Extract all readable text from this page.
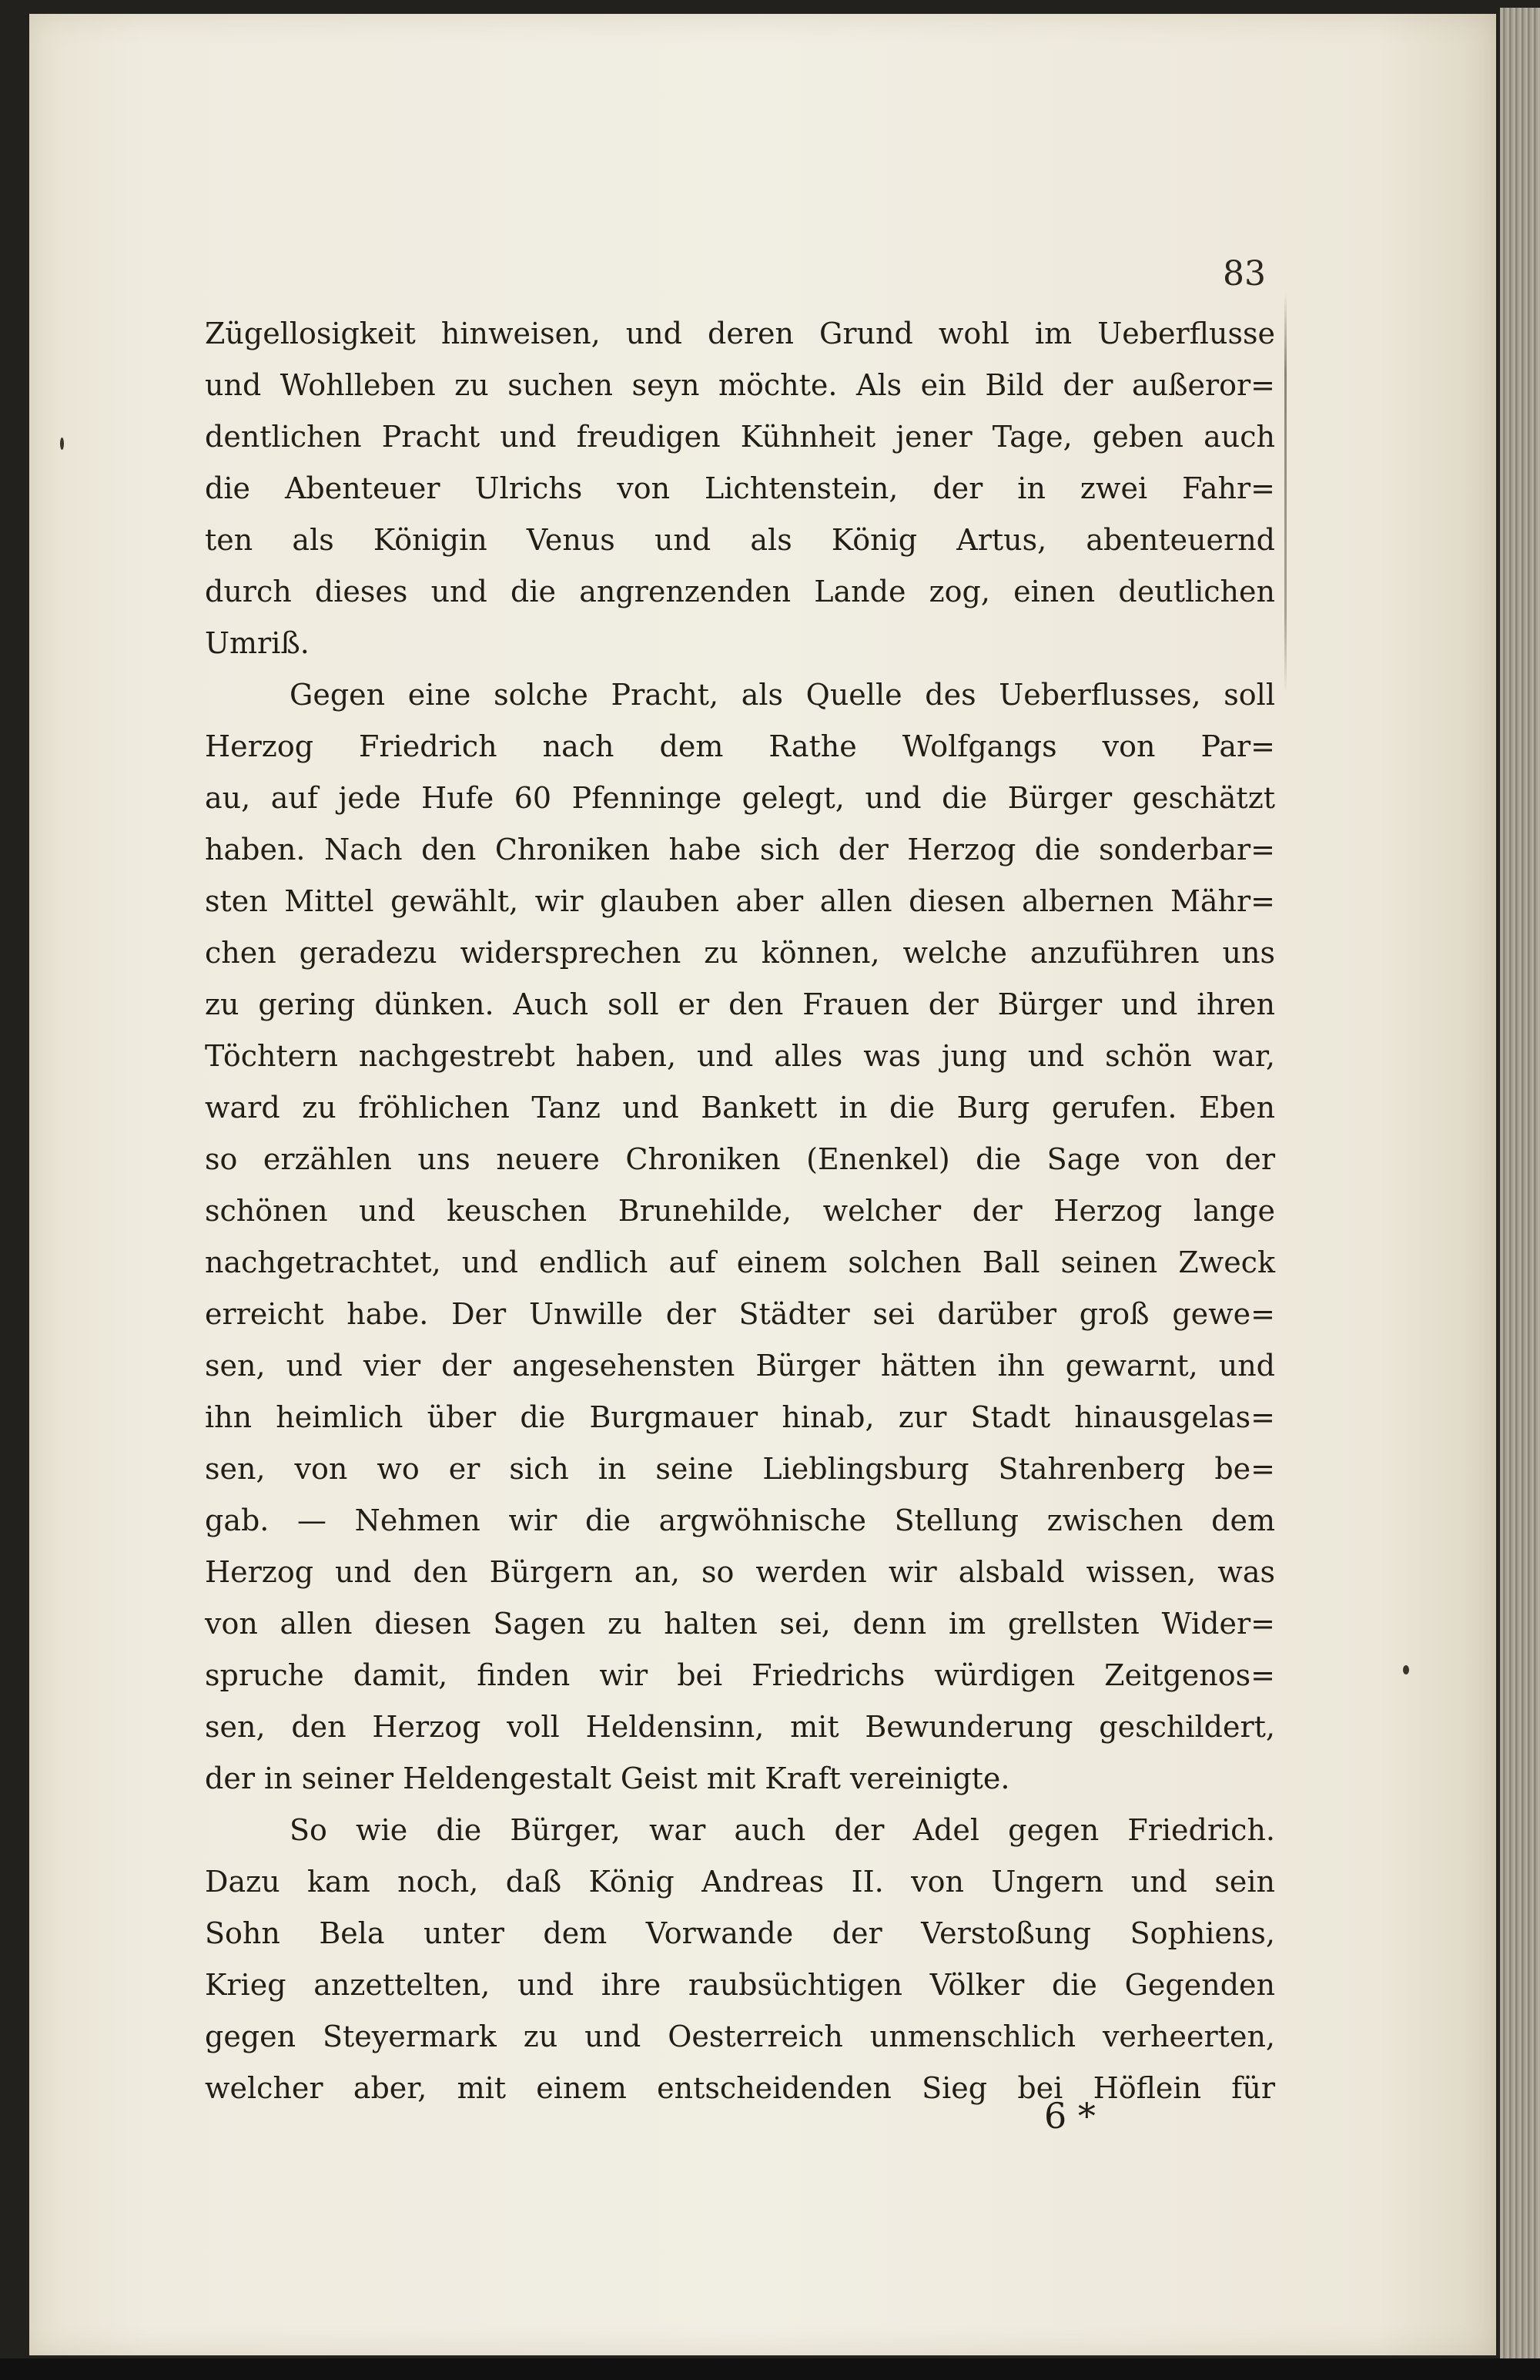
83
Zügellosigkeit hinweisen, und deren Grund wohl im Ueberflusse
und Wohlleben zu suchen seyn möchte. Als ein Bild der außeror=
dentlichen Pracht und freudigen Kühnheit jener Tage, geben auch
die Abenteuer Ulrichs von Lichtenstein, der in zwei Fahr=
ten als Königin Venus und als König Artus, abenteuernd
durch dieses und die angrenzenden Lande zog, einen deutlichen
Umriß.
Gegen eine solche Pracht, als Quelle des Ueberflusses, soll
Herzog Friedrich nach dem Rathe Wolfgangs von Par=
au, auf jede Hufe 60 Pfenninge gelegt, und die Bürger geschätzt
haben. Nach den Chroniken habe sich der Herzog die sonderbar=
sten Mittel gewählt, wir glauben aber allen diesen albernen Mähr=
chen geradezu widersprechen zu können, welche anzuführen uns
zu gering dünken. Auch soll er den Frauen der Bürger und ihren
Töchtern nachgestrebt haben, und alles was jung und schön war,
ward zu fröhlichen Tanz und Bankett in die Burg gerufen. Eben
so erzählen uns neuere Chroniken (Enenkel) die Sage von der
schönen und keuschen Brunehilde, welcher der Herzog lange
nachgetrachtet, und endlich auf einem solchen Ball seinen Zweck
erreicht habe. Der Unwille der Städter sei darüber groß gewe=
sen, und vier der angesehensten Bürger hätten ihn gewarnt, und
ihn heimlich über die Burgmauer hinab, zur Stadt hinausgelas=
sen, von wo er sich in seine Lieblingsburg Stahrenberg be=
gab. — Nehmen wir die argwöhnische Stellung zwischen dem
Herzog und den Bürgern an, so werden wir alsbald wissen, was
von allen diesen Sagen zu halten sei, denn im grellsten Wider=
spruche damit, finden wir bei Friedrichs würdigen Zeitgenos=
sen, den Herzog voll Heldensinn, mit Bewunderung geschildert,
der in seiner Heldengestalt Geist mit Kraft vereinigte.
So wie die Bürger, war auch der Adel gegen Friedrich.
Dazu kam noch, daß König Andreas II. von Ungern und sein
Sohn Bela unter dem Vorwande der Verstoßung Sophiens,
Krieg anzettelten, und ihre raubsüchtigen Völker die Gegenden
gegen Steyermark zu und Oesterreich unmenschlich verheerten,
welcher aber, mit einem entscheidenden Sieg bei Höflein für
6 *
